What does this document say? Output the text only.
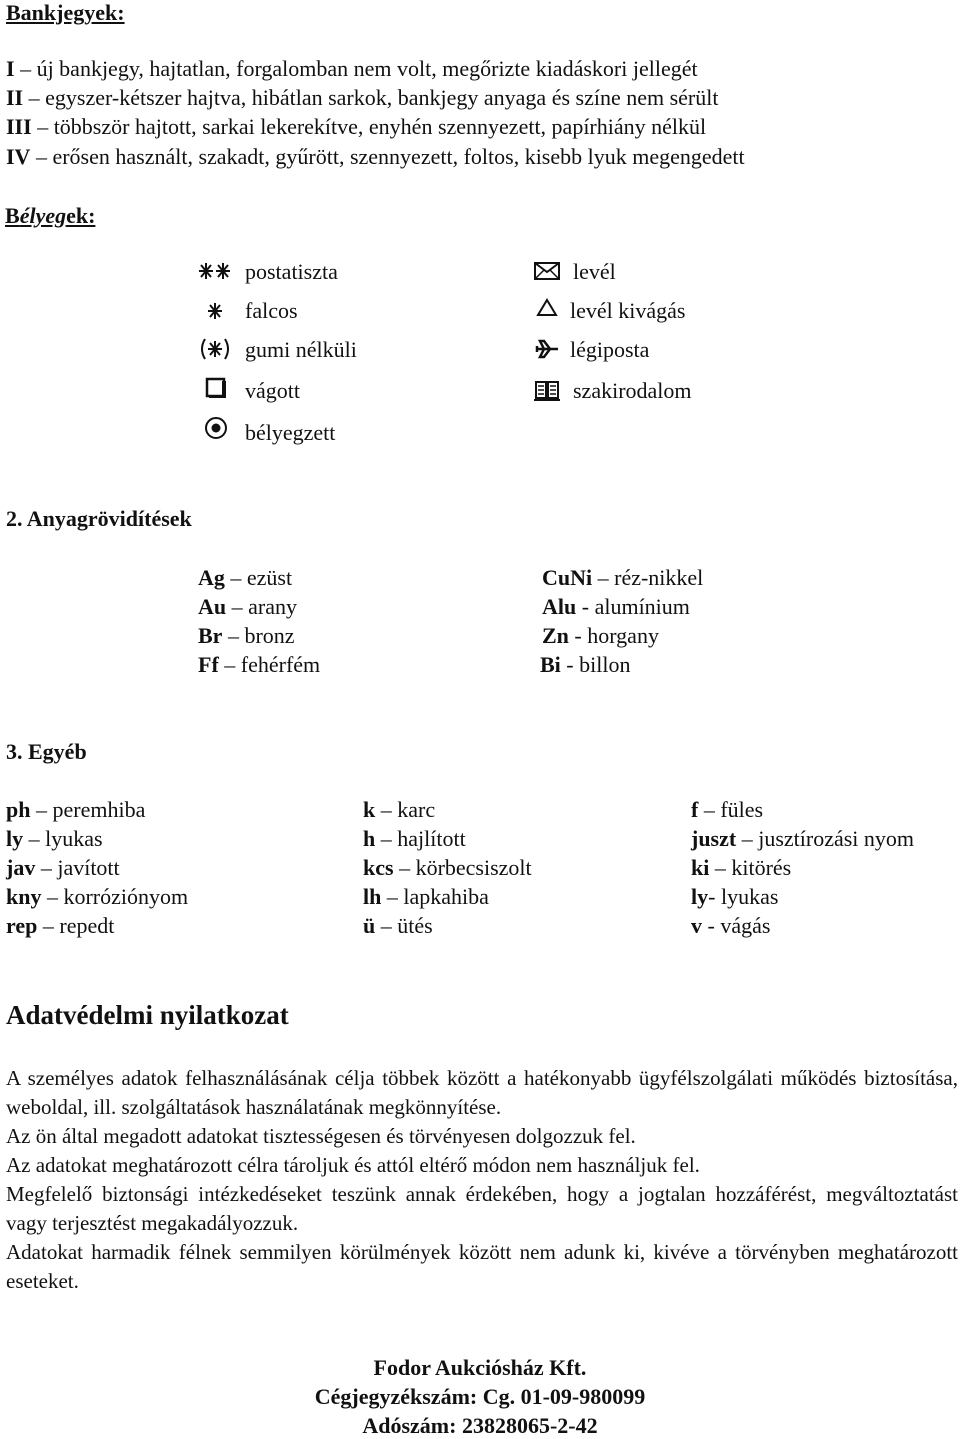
Bankjegyek:
I – új bankjegy, hajtatlan, forgalomban nem volt, megőrizte kiadáskori jellegét
II – egyszer-kétszer hajtva, hibátlan sarkok, bankjegy anyaga és színe nem sérült
III – többször hajtott, sarkai lekerekítve, enyhén szennyezett, papírhiány nélkül
IV – erősen használt, szakadt, gyűrött, szennyezett, foltos, kisebb lyuk megengedett
Bélyegek:
postatiszta
falcos
gumi nélküli
vágott
bélyegzett
levél
levél kivágás
légiposta
szakirodalom
2. Anyagrövidítések
Ag – ezüst
Au – arany
Br – bronz
Ff – fehérfém
CuNi – réz-nikkel
Alu - alumínium
Zn - horgany
Bi - billon
3. Egyéb
ph – peremhiba
ly – lyukas
jav – javított
kny – korróziónyom
rep – repedt
k – karc
h – hajlított
kcs – körbecsiszolt
lh – lapkahiba
ü – ütés
f – füles
juszt – jusztírozási nyom
ki – kitörés
ly- lyukas
v - vágás
Adatvédelmi nyilatkozat
A személyes adatok felhasználásának célja többek között a hatékonyabb ügyfélszolgálati működés biztosítása, weboldal, ill. szolgáltatások használatának megkönnyítése.
Az ön által megadott adatokat tisztességesen és törvényesen dolgozzuk fel.
Az adatokat meghatározott célra tároljuk és attól eltérő módon nem használjuk fel.
Megfelelő biztonsági intézkedéseket teszünk annak érdekében, hogy a jogtalan hozzáférést, megváltoztatást vagy terjesztést megakadályozzuk.
Adatokat harmadik félnek semmilyen körülmények között nem adunk ki, kivéve a törvényben meghatározott eseteket.
Fodor Aukciósház Kft.
Cégjegyzékszám: Cg. 01-09-980099
Adószám: 23828065-2-42
